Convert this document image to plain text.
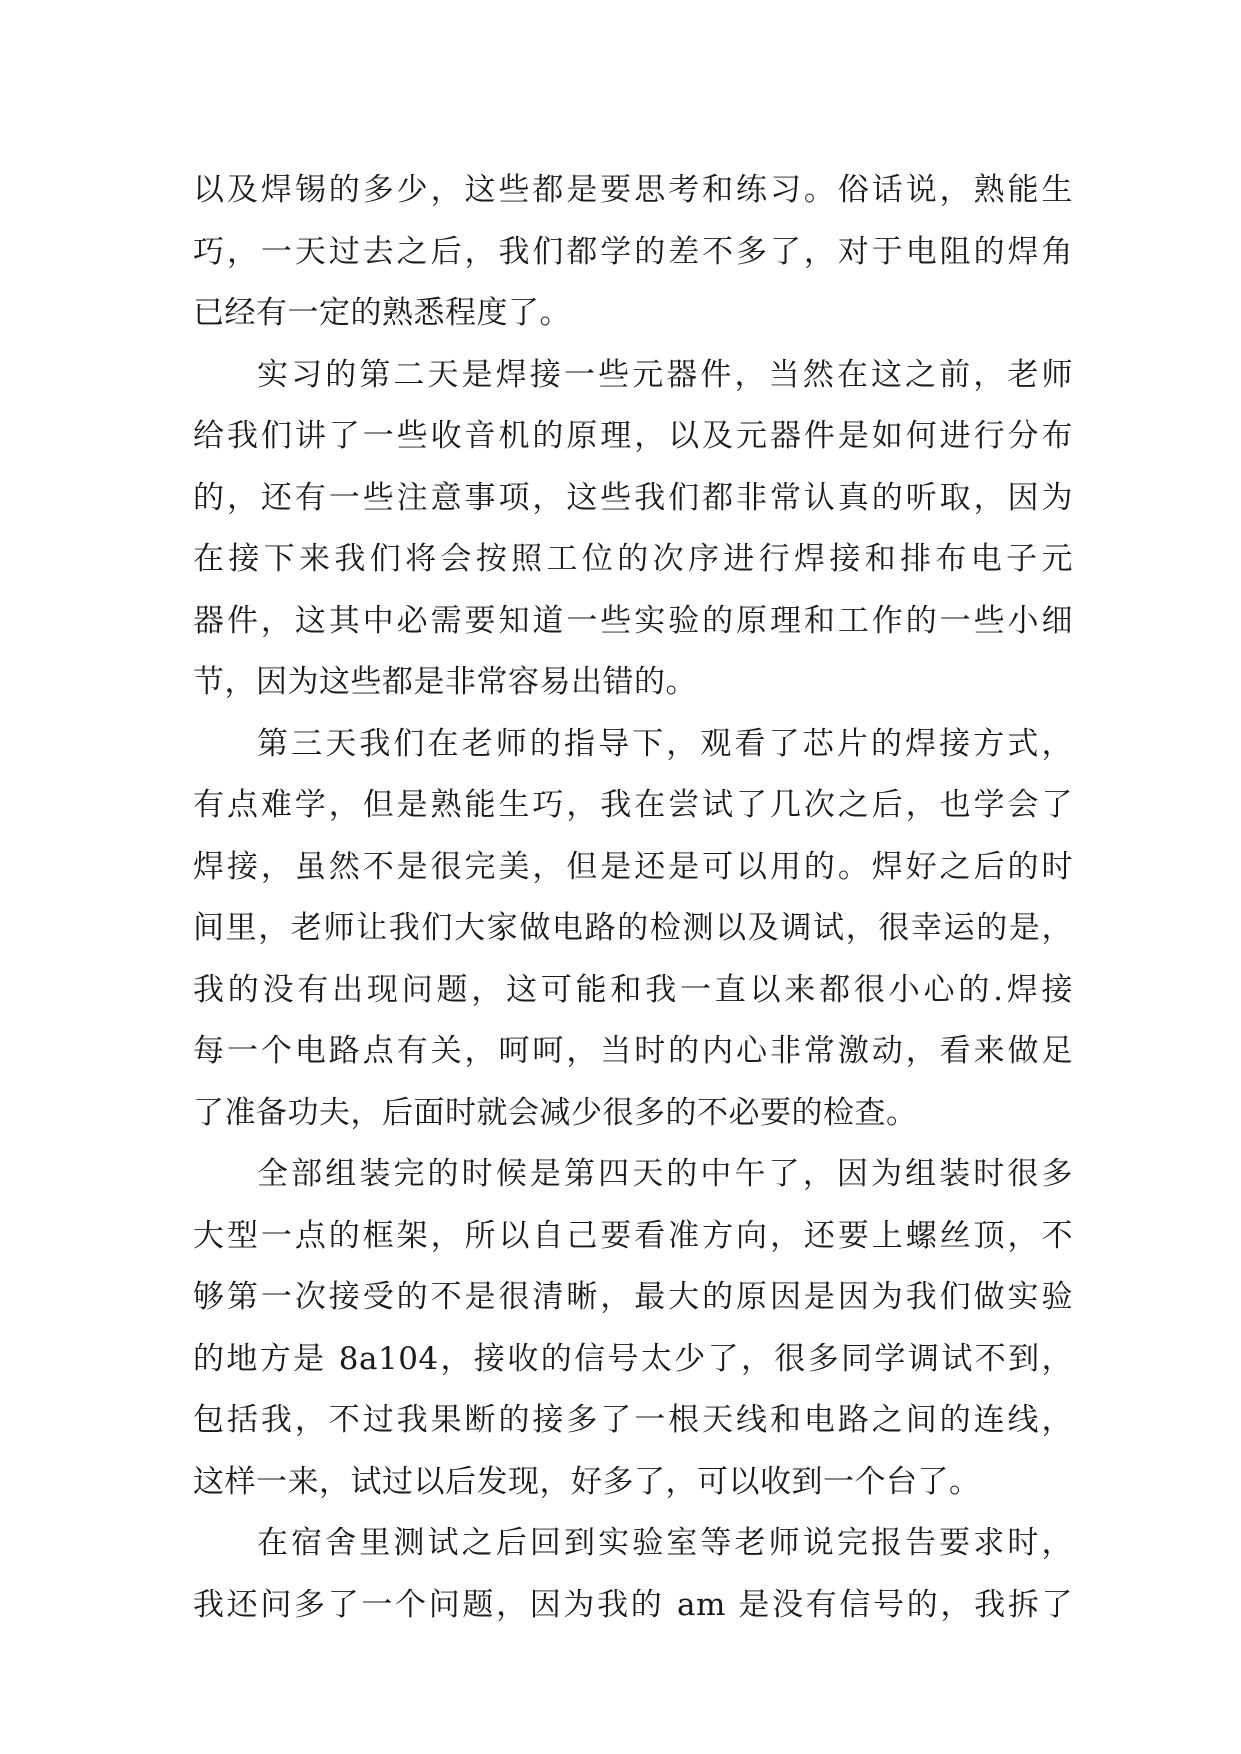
以及焊锡的多少，这些都是要思考和练习。俗话说，熟能生
巧，一天过去之后，我们都学的差不多了，对于电阻的焊角
已经有一定的熟悉程度了。
实习的第二天是焊接一些元器件，当然在这之前，老师
给我们讲了一些收音机的原理，以及元器件是如何进行分布
的，还有一些注意事项，这些我们都非常认真的听取，因为
在接下来我们将会按照工位的次序进行焊接和排布电子元
器件，这其中必需要知道一些实验的原理和工作的一些小细
节，因为这些都是非常容易出错的。
第三天我们在老师的指导下，观看了芯片的焊接方式，
有点难学，但是熟能生巧，我在尝试了几次之后，也学会了
焊接，虽然不是很完美，但是还是可以用的。焊好之后的时
间里，老师让我们大家做电路的检测以及调试，很幸运的是，
我的没有出现问题，这可能和我一直以来都很小心的.焊接
每一个电路点有关，呵呵，当时的内心非常激动，看来做足
了准备功夫，后面时就会减少很多的不必要的检查。
全部组装完的时候是第四天的中午了，因为组装时很多
大型一点的框架，所以自己要看准方向，还要上螺丝顶，不
够第一次接受的不是很清晰，最大的原因是因为我们做实验
的地方是 8a104，接收的信号太少了，很多同学调试不到，
包括我，不过我果断的接多了一根天线和电路之间的连线，
这样一来，试过以后发现，好多了，可以收到一个台了。
在宿舍里测试之后回到实验室等老师说完报告要求时，
我还问多了一个问题，因为我的 am 是没有信号的，我拆了
